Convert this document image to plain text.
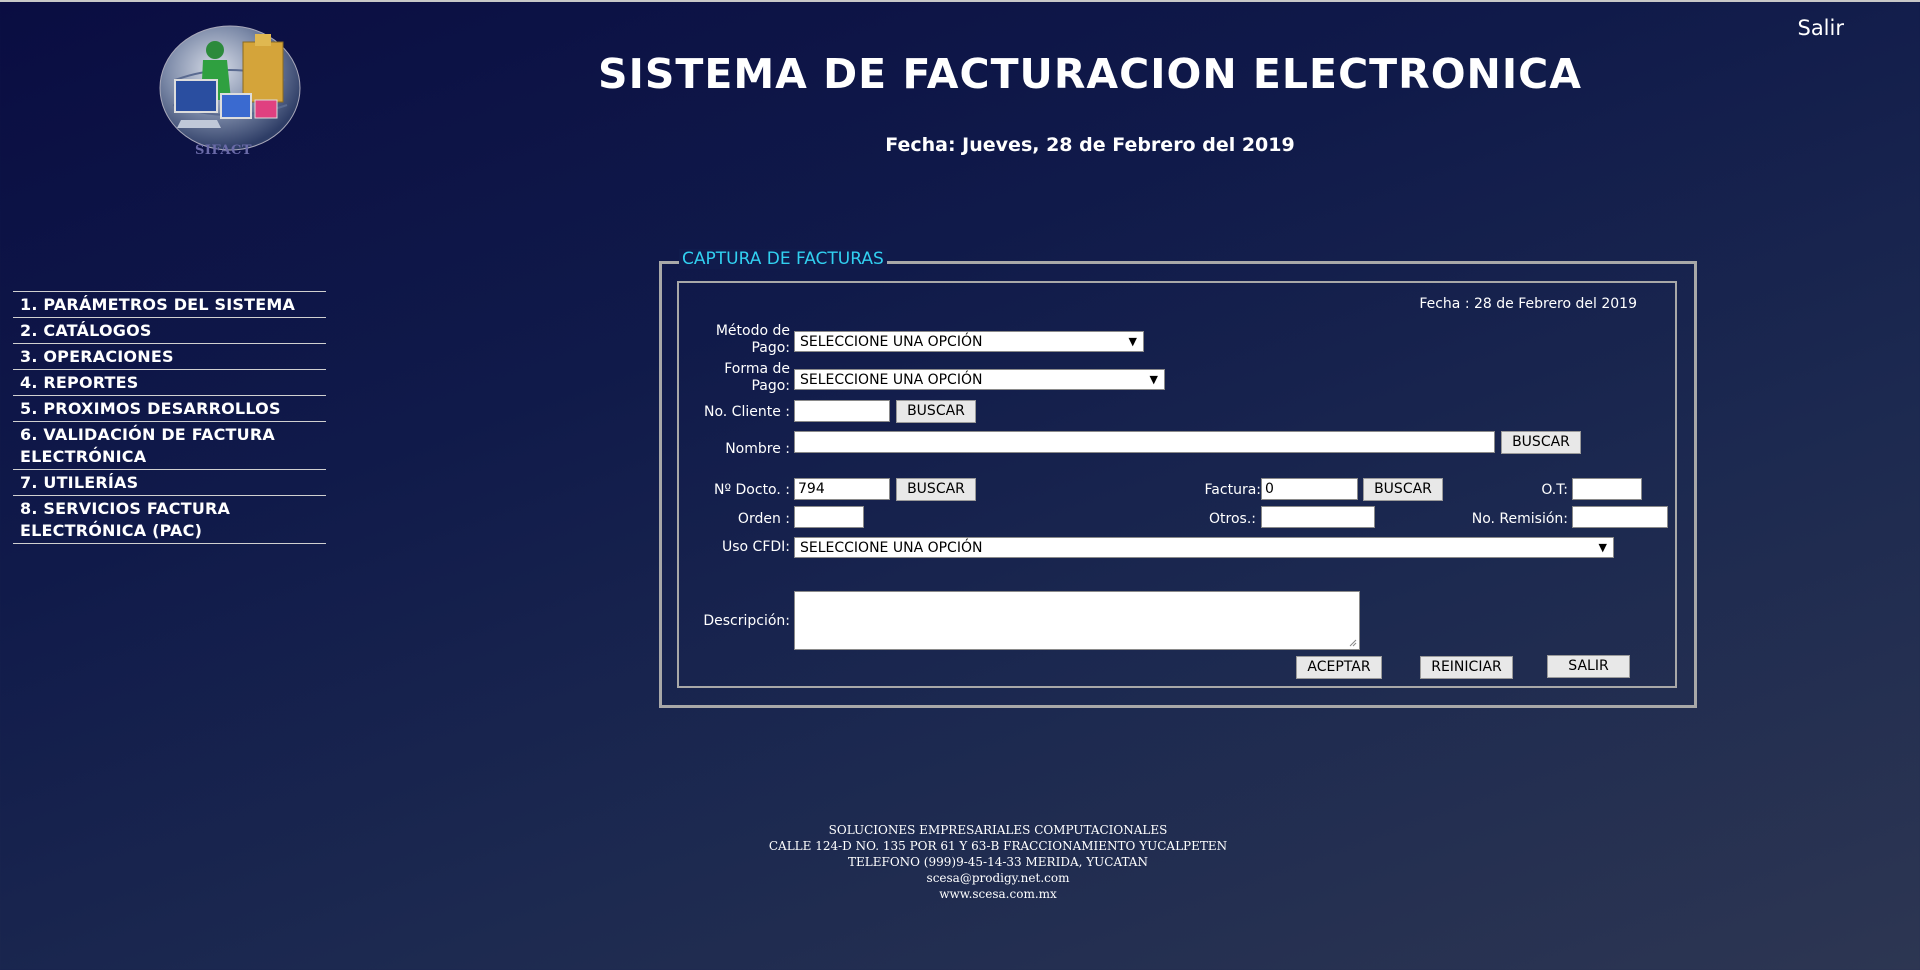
SIFACT
Salir
SISTEMA DE FACTURACION ELECTRONICA
Fecha: Jueves, 28 de Febrero del 2019
1. PARÁMETROS DEL SISTEMA
2. CATÁLOGOS
3. OPERACIONES
4. REPORTES
5. PROXIMOS DESARROLLOS
6. VALIDACIÓN DE FACTURA ELECTRÓNICA
7. UTILERÍAS
8. SERVICIOS FACTURA ELECTRÓNICA (PAC)
CAPTURA DE FACTURAS
Fecha : 28 de Febrero del 2019
Método de
Pago: SELECCIONE UNA OPCIÓN	▼
Forma de
Pago: SELECCIONE UNA OPCIÓN	▼
No. Cliente :	BUSCAR
Nombre :	BUSCAR
Nº Docto. : 794	BUSCAR	Factura: 0	BUSCAR	O.T:
Orden :	Otros.:	No. Remisión:
Uso CFDI: SELECCIONE UNA OPCIÓN	▼
Descripción:
ACEPTAR	REINICIAR	SALIR
SOLUCIONES EMPRESARIALES COMPUTACIONALES
CALLE 124-D NO. 135 POR 61 Y 63-B FRACCIONAMIENTO YUCALPETEN
TELEFONO (999)9-45-14-33 MERIDA, YUCATAN
scesa@prodigy.net.com
www.scesa.com.mx
